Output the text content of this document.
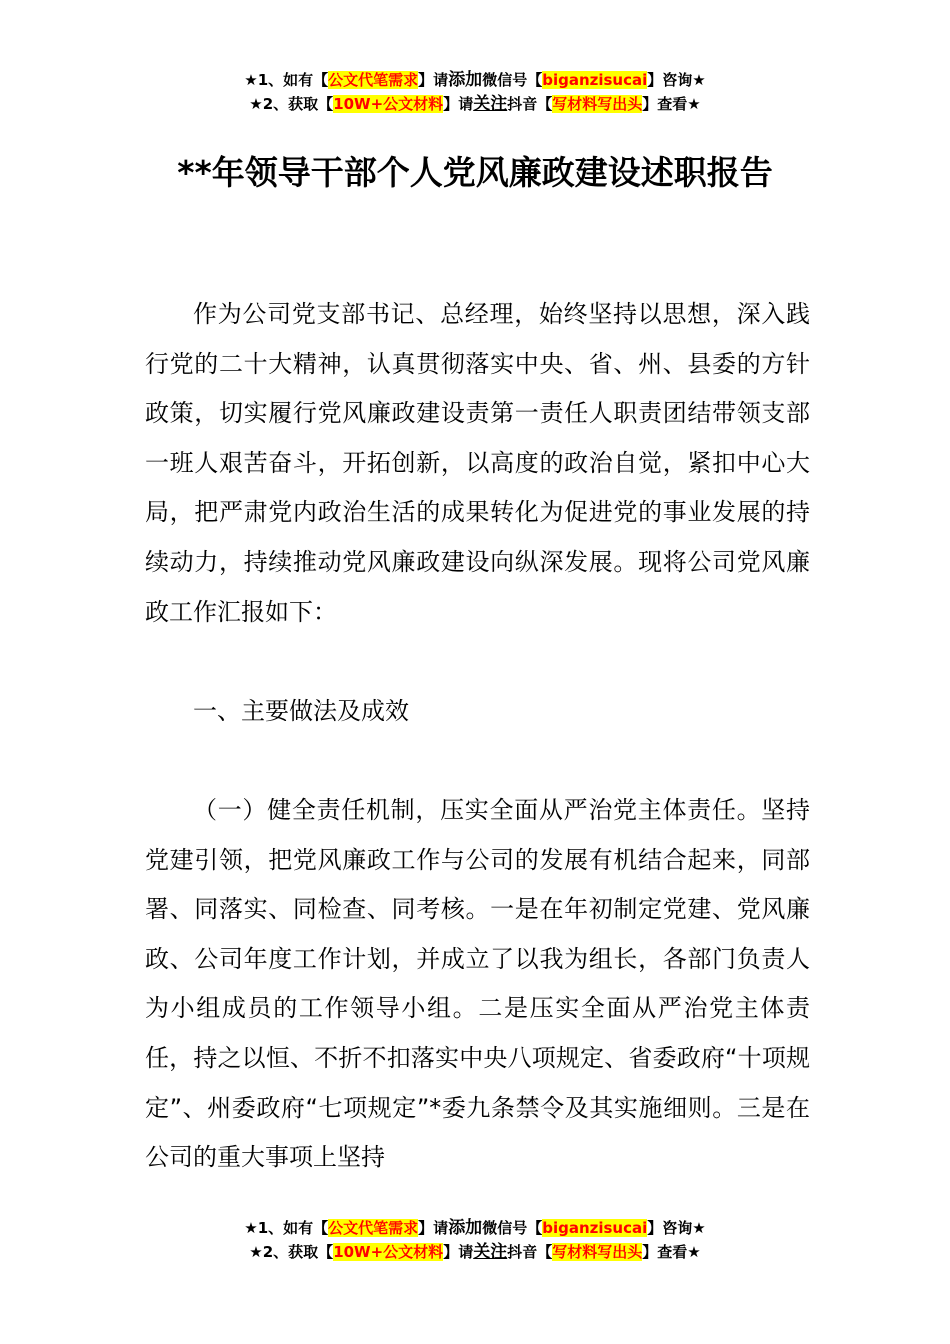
★1、如有【公文代笔需求】请添加微信号【biganzisucai】咨询★
★2、获取【10W+公文材料】请关注抖音【写材料写出头】查看★
**年领导干部个人党风廉政建设述职报告

作为公司党支部书记、总经理，始终坚持以思想，深入践行党的二十大精神，认真贯彻落实中央、省、州、县委的方针政策，切实履行党风廉政建设责第一责任人职责团结带领支部一班人艰苦奋斗，开拓创新，以高度的政治自觉，紧扣中心大局，把严肃党内政治生活的成果转化为促进党的事业发展的持续动力，持续推动党风廉政建设向纵深发展。现将公司党风廉政工作汇报如下：

一、主要做法及成效

（一）健全责任机制，压实全面从严治党主体责任。坚持党建引领，把党风廉政工作与公司的发展有机结合起来，同部署、同落实、同检查、同考核。一是在年初制定党建、党风廉政、公司年度工作计划，并成立了以我为组长，各部门负责人为小组成员的工作领导小组。二是压实全面从严治党主体责任，持之以恒、不折不扣落实中央八项规定、省委政府“十项规定”、州委政府“七项规定”*委九条禁令及其实施细则。三是在公司的重大事项上坚持

★1、如有【公文代笔需求】请添加微信号【biganzisucai】咨询★
★2、获取【10W+公文材料】请关注抖音【写材料写出头】查看★
